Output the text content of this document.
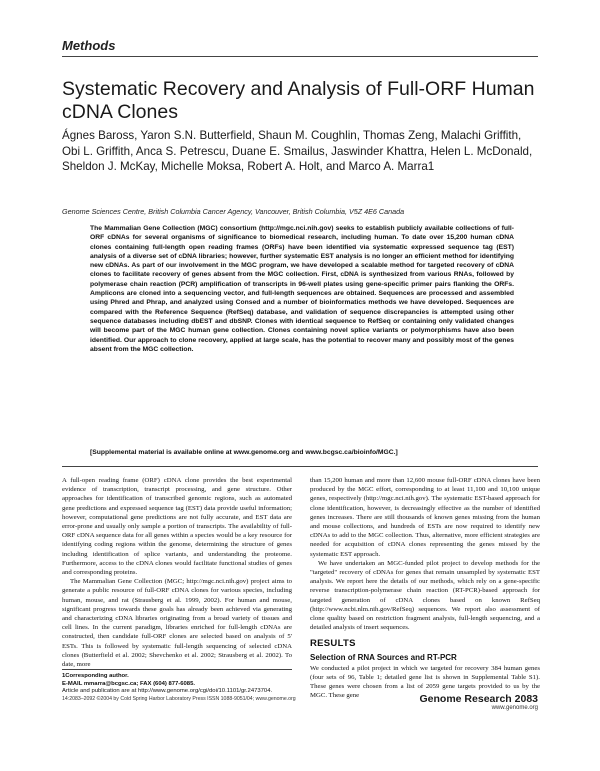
Methods
Systematic Recovery and Analysis of Full-ORF Human cDNA Clones

Ágnes Baross, Yaron S.N. Butterfield, Shaun M. Coughlin, Thomas Zeng, Malachi Griffith, Obi L. Griffith, Anca S. Petrescu, Duane E. Smailus, Jaswinder Khattra, Helen L. McDonald, Sheldon J. McKay, Michelle Moksa, Robert A. Holt, and Marco A. Marra1

Genome Sciences Centre, British Columbia Cancer Agency, Vancouver, British Columbia, V5Z 4E6 Canada

The Mammalian Gene Collection (MGC) consortium (http://mgc.nci.nih.gov) seeks to establish publicly available collections of full-ORF cDNAs for several organisms of significance to biomedical research, including human. To date over 15,200 human cDNA clones containing full-length open reading frames (ORFs) have been identified via systematic expressed sequence tag (EST) analysis of a diverse set of cDNA libraries; however, further systematic EST analysis is no longer an efficient method for identifying new cDNAs. As part of our involvement in the MGC program, we have developed a scalable method for targeted recovery of cDNA clones to facilitate recovery of genes absent from the MGC collection. First, cDNA is synthesized from various RNAs, followed by polymerase chain reaction (PCR) amplification of transcripts in 96-well plates using gene-specific primer pairs flanking the ORFs. Amplicons are cloned into a sequencing vector, and full-length sequences are obtained. Sequences are processed and assembled using Phred and Phrap, and analyzed using Consed and a number of bioinformatics methods we have developed. Sequences are compared with the Reference Sequence (RefSeq) database, and validation of sequence discrepancies is attempted using other sequence databases including dbEST and dbSNP. Clones with identical sequence to RefSeq or containing only validated changes will become part of the MGC human gene collection. Clones containing novel splice variants or polymorphisms have also been identified. Our approach to clone recovery, applied at large scale, has the potential to recover many and possibly most of the genes absent from the MGC collection.

[Supplemental material is available online at www.genome.org and www.bcgsc.ca/bioinfo/MGC.]

A full-open reading frame (ORF) cDNA clone provides the best experimental evidence of transcription, transcript processing, and gene structure. Other approaches for identification of transcribed genomic regions, such as automated gene predictions and expressed sequence tag (EST) data provide useful information; however, computational gene predictions are not fully accurate, and EST data are error-prone and usually only sample a portion of transcripts. The availability of full-ORF cDNA sequence data for all genes within a species would be a key resource for identifying coding regions within the genome, determining the structure of genes including identification of splice variants, and understanding the proteome. Furthermore, access to the cDNA clones would facilitate functional studies of genes and corresponding proteins.

The Mammalian Gene Collection (MGC; http://mgc.nci.nih.gov) project aims to generate a public resource of full-ORF cDNA clones for various species, including human, mouse, and rat (Strausberg et al. 1999, 2002). For human and mouse, significant progress towards these goals has already been achieved via generating and characterizing cDNA libraries originating from a broad variety of tissues and cell lines. In the current paradigm, libraries enriched for full-length cDNAs are constructed, then candidate full-ORF clones are selected based on analysis of 5' ESTs. This is followed by systematic full-length sequencing of selected cDNA clones (Butterfield et al. 2002; Shevchenko et al. 2002; Strausberg et al. 2002). To date, more

than 15,200 human and more than 12,600 mouse full-ORF cDNA clones have been produced by the MGC effort, corresponding to at least 11,100 and 10,100 unique genes, respectively (http://mgc.nci.nih.gov). The systematic EST-based approach for clone identification, however, is decreasingly effective as the number of identified genes increases. There are still thousands of known genes missing from the human and mouse collections, and hundreds of ESTs are now required to identify new cDNAs to add to the MGC collection. Thus, alternative, more efficient strategies are needed for acquisition of cDNA clones representing the genes missed by the systematic EST approach.

We have undertaken an MGC-funded pilot project to develop methods for the "targeted" recovery of cDNAs for genes that remain unsampled by systematic EST analysis. We report here the details of our methods, which rely on a gene-specific reverse transcription-polymerase chain reaction (RT-PCR)-based approach for targeted generation of cDNA clones based on known RefSeq (http://www.ncbi.nlm.nih.gov/RefSeq) sequences. We report also assessment of clone quality based on restriction fragment analysis, full-length sequencing, and a detailed analysis of insert sequences.

RESULTS
Selection of RNA Sources and RT-PCR

We conducted a pilot project in which we targeted for recovery 384 human genes (four sets of 96, Table 1; detailed gene list is shown in Supplemental Table S1). These genes were chosen from a list of 2059 gene targets provided to us by the MGC. These gene

1Corresponding author.
E-MAIL mmarra@bcgsc.ca; FAX (604) 877-6085.
Article and publication are at http://www.genome.org/cgi/doi/10.1101/gr.2473704.
14:2083–2092 ©2004 by Cold Spring Harbor Laboratory Press ISSN 1088-9051/04; www.genome.org	Genome Research 2083
www.genome.org
